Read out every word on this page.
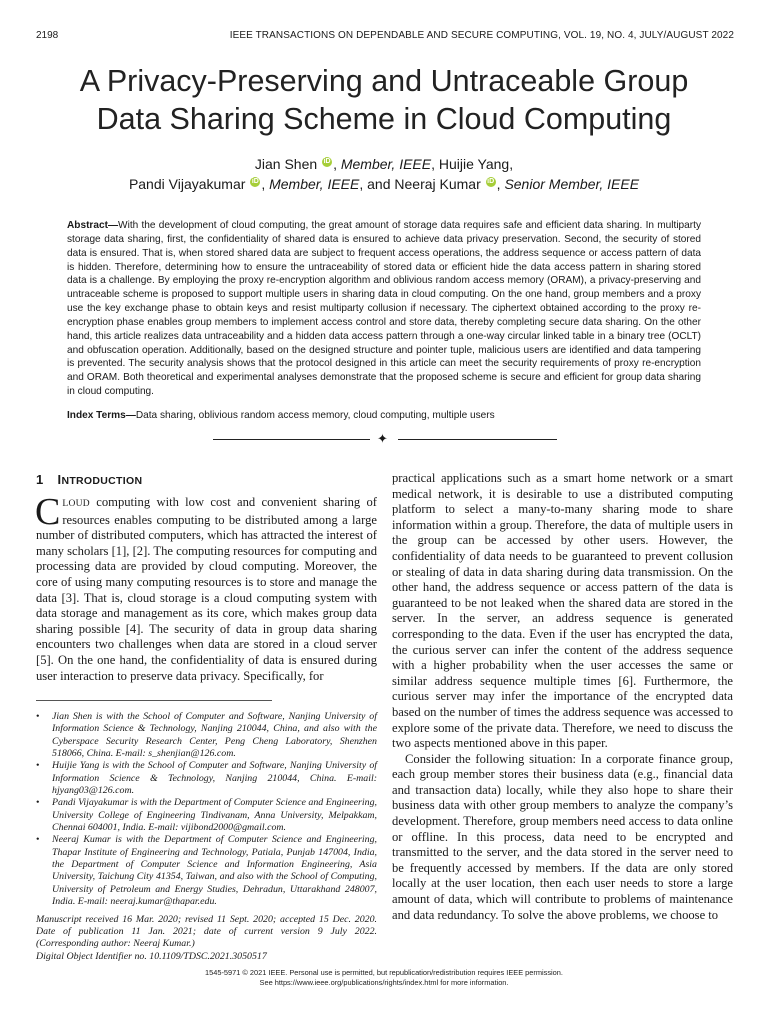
2198	IEEE TRANSACTIONS ON DEPENDABLE AND SECURE COMPUTING, VOL. 19, NO. 4, JULY/AUGUST 2022
A Privacy-Preserving and Untraceable Group
Data Sharing Scheme in Cloud Computing
Jian Shen iD , Member, IEEE, Huijie Yang,
Pandi Vijayakumar iD , Member, IEEE, and Neeraj Kumar iD , Senior Member, IEEE
Abstract—With the development of cloud computing, the great amount of storage data requires safe and efficient data sharing. In multiparty storage data sharing, first, the confidentiality of shared data is ensured to achieve data privacy preservation. Second, the security of stored data is ensured. That is, when stored shared data are subject to frequent access operations, the address sequence or access pattern of data is hidden. Therefore, determining how to ensure the untraceability of stored data or efficient hide the data access pattern in sharing stored data is a challenge. By employing the proxy re-encryption algorithm and oblivious random access memory (ORAM), a privacy-preserving and untraceable scheme is proposed to support multiple users in sharing data in cloud computing. On the one hand, group members and a proxy use the key exchange phase to obtain keys and resist multiparty collusion if necessary. The ciphertext obtained according to the proxy re-encryption phase enables group members to implement access control and store data, thereby completing secure data sharing. On the other hand, this article realizes data untraceability and a hidden data access pattern through a one-way circular linked table in a binary tree (OCLT) and obfuscation operation. Additionally, based on the designed structure and pointer tuple, malicious users are identified and data tampering is prevented. The security analysis shows that the protocol designed in this article can meet the security requirements of proxy re-encryption and ORAM. Both theoretical and experimental analyses demonstrate that the proposed scheme is secure and efficient for group data sharing in cloud computing.
Index Terms—Data sharing, oblivious random access memory, cloud computing, multiple users
✦
1 INTRODUCTION
CLOUD computing with low cost and convenient sharing of resources enables computing to be distributed among a large number of distributed computers, which has attracted the interest of many scholars [1], [2]. The computing resources for computing and processing data are provided by cloud computing. Moreover, the core of using many computing resources is to store and manage the data [3]. That is, cloud storage is a cloud computing system with data storage and management as its core, which makes group data sharing possible [4]. The security of data in group data sharing encounters two challenges when data are stored in a cloud server [5]. On the one hand, the confidentiality of data is ensured during user interaction to preserve data privacy. Specifically, for
• Jian Shen is with the School of Computer and Software, Nanjing University of Information Science & Technology, Nanjing 210044, China, and also with the Cyberspace Security Research Center, Peng Cheng Laboratory, Shenzhen 518066, China. E-mail: s_shenjian@126.com.
• Huijie Yang is with the School of Computer and Software, Nanjing University of Information Science & Technology, Nanjing 210044, China. E-mail: hjyang03@126.com.
• Pandi Vijayakumar is with the Department of Computer Science and Engineering, University College of Engineering Tindivanam, Anna University, Melpakkam, Chennai 604001, India. E-mail: vijibond2000@gmail.com.
• Neeraj Kumar is with the Department of Computer Science and Engineering, Thapar Institute of Engineering and Technology, Patiala, Punjab 147004, India, the Department of Computer Science and Information Engineering, Asia University, Taichung City 41354, Taiwan, and also with the School of Computing, University of Petroleum and Energy Studies, Dehradun, Uttarakhand 248007, India. E-mail: neeraj.kumar@thapar.edu.
Manuscript received 16 Mar. 2020; revised 11 Sept. 2020; accepted 15 Dec. 2020. Date of publication 11 Jan. 2021; date of current version 9 July 2022. (Corresponding author: Neeraj Kumar.)
Digital Object Identifier no. 10.1109/TDSC.2021.3050517

practical applications such as a smart home network or a smart medical network, it is desirable to use a distributed computing platform to select a many-to-many sharing mode to share information within a group. Therefore, the data of multiple users in the group can be accessed by other users. However, the confidentiality of data needs to be guaranteed to prevent collusion or stealing of data in data sharing during data transmission. On the other hand, the address sequence or access pattern of the data is guaranteed to be not leaked when the shared data are stored in the server. In the server, an address sequence is generated corresponding to the data. Even if the user has encrypted the data, the curious server can infer the content of the address sequence with a higher probability when the user accesses the same or similar address sequence multiple times [6]. Furthermore, the curious server may infer the importance of the encrypted data based on the number of times the address sequence was accessed to explore some of the private data. Therefore, we need to discuss the two aspects mentioned above in this paper.

Consider the following situation: In a corporate finance group, each group member stores their business data (e.g., financial data and transaction data) locally, while they also hope to share their business data with other group members to analyze the company’s development. Therefore, group members need access to data online or offline. In this process, data need to be encrypted and transmitted to the server, and the data stored in the server need to be frequently accessed by members. If the data are only stored locally at the user location, then each user needs to store a large amount of data, which will contribute to problems of maintenance and data redundancy. To solve the above problems, we choose to

1545-5971 © 2021 IEEE. Personal use is permitted, but republication/redistribution requires IEEE permission.
See https://www.ieee.org/publications/rights/index.html for more information.
